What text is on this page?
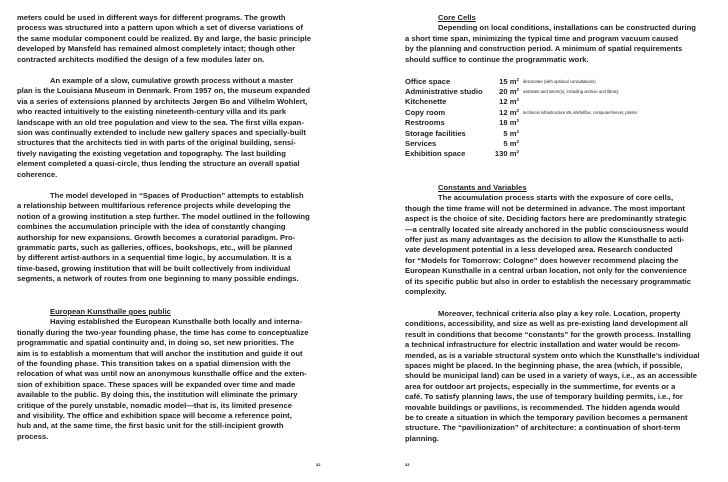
meters could be used in different ways for different programs. The growth
process was structured into a pattern upon which a set of diverse variations of
the same modular component could be realized. By and large, the basic principle
developed by Mansfeld has remained almost completely intact; though other
contracted architects modified the design of a few modules later on.
An example of a slow, cumulative growth process without a master
plan is the Louisiana Museum in Denmark. From 1957 on, the museum expanded
via a series of extensions planned by architects Jørgen Bo and Vilhelm Wohlert,
who reacted intuitively to the existing nineteenth-century villa and its park
landscape with an old tree population and view to the sea. The first villa expan-
sion was continually extended to include new gallery spaces and specially-built
structures that the architects tied in with parts of the original building, sensi-
tively navigating the existing vegetation and topography. The last building
element completed a quasi-circle, thus lending the structure an overall spatial
coherence.
The model developed in “Spaces of Production” attempts to establish
a relationship between multifarious reference projects while developing the
notion of a growing institution a step further. The model outlined in the following
combines the accumulation principle with the idea of constantly changing
authorship for new expansions. Growth becomes a curatorial paradigm. Pro-
grammatic parts, such as galleries, offices, bookshops, etc., will be planned
by different artist-authors in a sequential time logic, by accumulation. It is a
time-based, growing institution that will be built collectively from individual
segments, a network of routes from one beginning to many possible endings.
European Kunsthalle goes public
Having established the European Kunsthalle both locally and interna-
tionally during the two-year founding phase, the time has come to conceptualize
programmatic and spatial continuity and, in doing so, set new priorities. The
aim is to establish a momentum that will anchor the institution and guide it out
of the founding phase. This transition takes on a spatial dimension with the
relocation of what was until now an anonymous kunsthalle office and the exten-
sion of exhibition space. These spaces will be expanded over time and made
available to the public. By doing this, the institution will eliminate the primary
critique of the purely unstable, nomadic model—that is, its limited presence
and visibility. The office and exhibition space will become a reference point,
hub and, at the same time, the first basic unit for the still-incipient growth
process.
32
Core Cells
Depending on local conditions, installations can be constructed during
a short time span, minimizing the typical time and program vacuum caused
by the planning and construction period. A minimum of spatial requirements
should suffice to continue the programmatic work.
Office space	15 $m^2$	directorate (with optional consultations)
Administrative studio	20 $m^2$	assistant and intern(s), including archive and library
Kitchenette	12 $m^2$	
Copy room	12 $m^2$	technical infrastructure WLAN/tel/fax, computer/server, printer
Restrooms	18 $m^2$	
Storage facilities	5 $m^2$	
Services	5 $m^2$	
Exhibition space	130 $m^2$	
Constants and Variables
The accumulation process starts with the exposure of core cells,
though the time frame will not be determined in advance. The most important
aspect is the choice of site. Deciding factors here are predominantly strategic
—a centrally located site already anchored in the public consciousness would
offer just as many advantages as the decision to allow the Kunsthalle to acti-
vate development potential in a less developed area. Research conducted
for “Models for Tomorrow: Cologne” does however recommend placing the
European Kunsthalle in a central urban location, not only for the convenience
of its specific public but also in order to establish the necessary programmatic
complexity.
Moreover, technical criteria also play a key role. Location, property
conditions, accessibility, and size as well as pre-existing land development all
result in conditions that become “constants” for the growth process. Installing
a technical infrastructure for electric installation and water would be recom-
mended, as is a variable structural system onto which the Kunsthalle’s individual
spaces might be placed. In the beginning phase, the area (which, if possible,
should be municipal land) can be used in a variety of ways, i.e., as an accessible
area for outdoor art projects, especially in the summertime, for events or a
café. To satisfy planning laws, the use of temporary building permits, i.e., for
movable buildings or pavilions, is recommended. The hidden agenda would
be to create a situation in which the temporary pavilion becomes a permanent
structure. The “pavilionization” of architecture: a continuation of short-term
planning.
33
